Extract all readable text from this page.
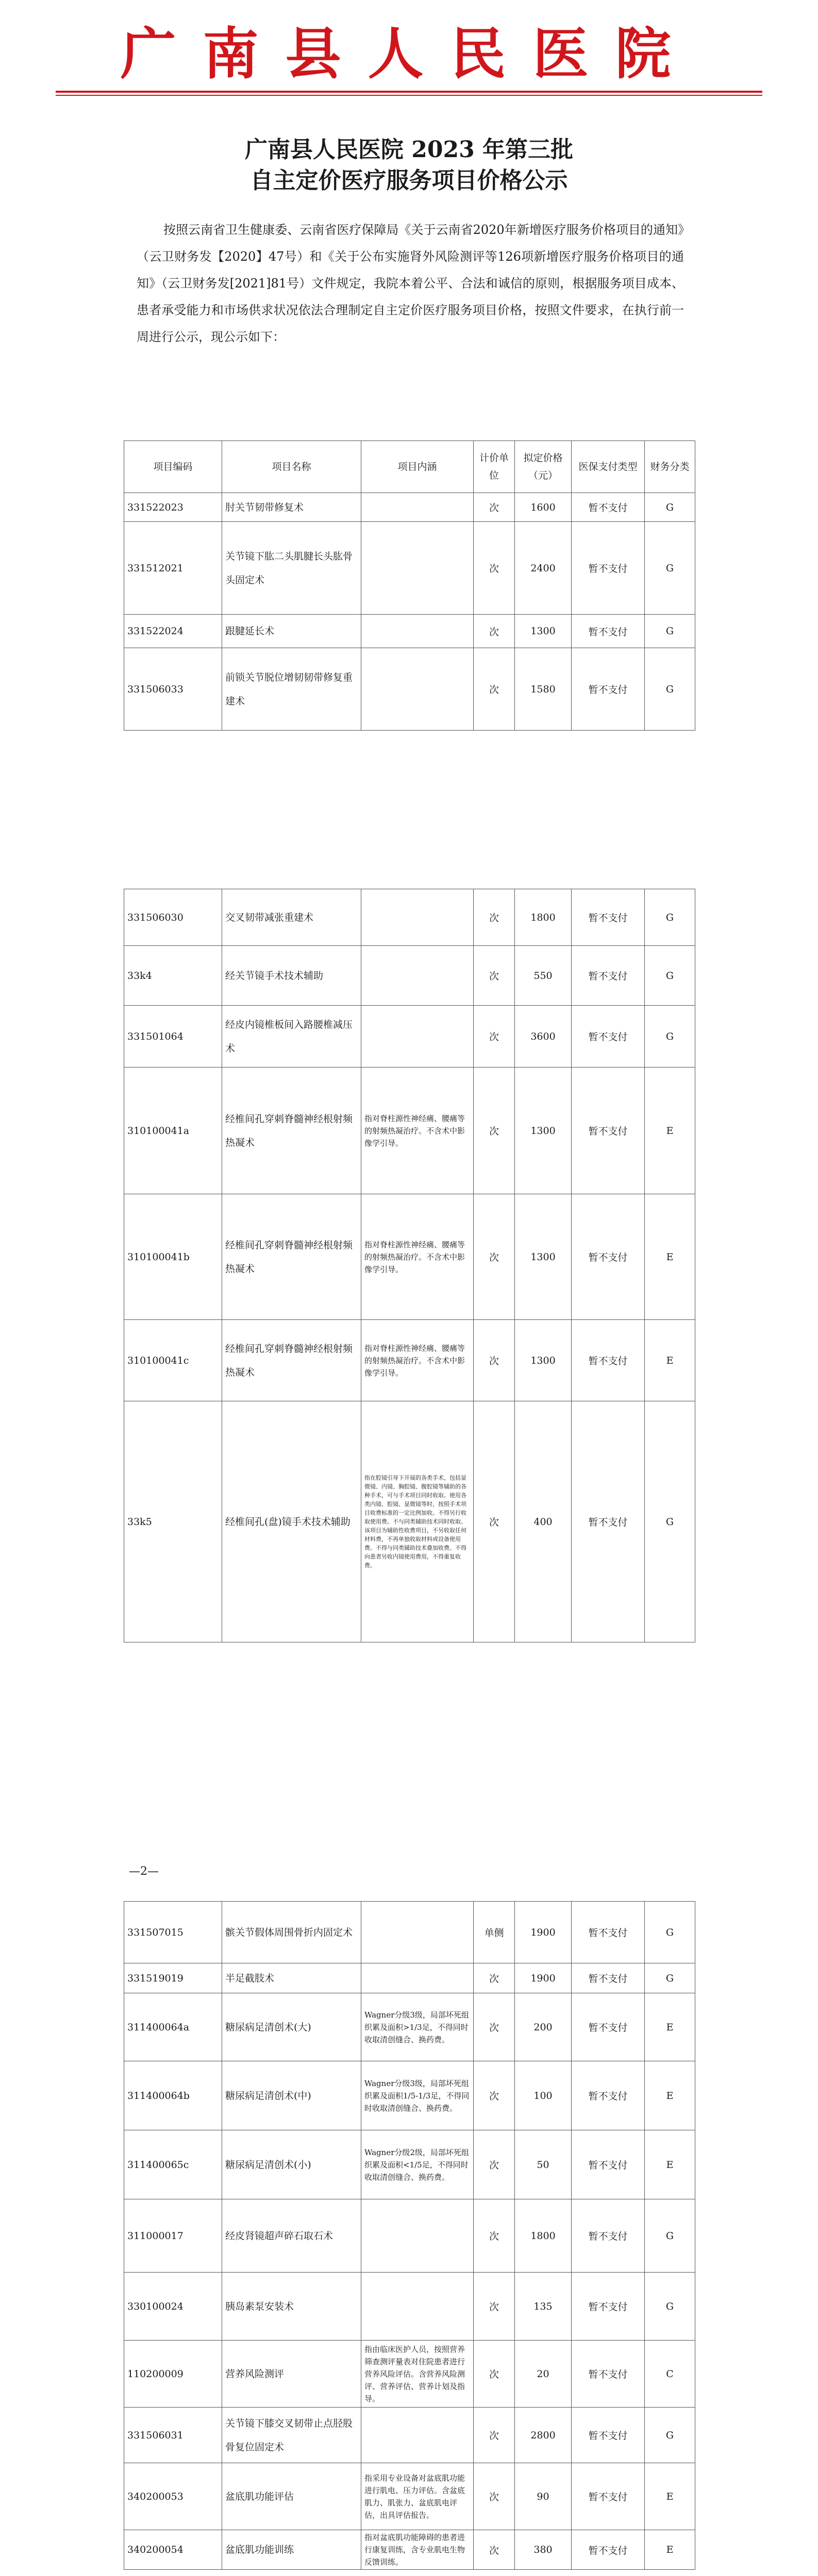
广南县人民医院
广南县人民医院 2023 年第三批
自主定价医疗服务项目价格公示
按照云南省卫生健康委、云南省医疗保障局《关于云南省2020年新增医疗服务价格项目的通知》（云卫财务发【2020】47号）和《关于公布实施肾外风险测评等126项新增医疗服务价格项目的通知》（云卫财务发[2021]81号）文件规定，我院本着公平、合法和诚信的原则，根据服务项目成本、患者承受能力和市场供求状况依法合理制定自主定价医疗服务项目价格，按照文件要求，在执行前一周进行公示，现公示如下：
项目编码	项目名称	项目内涵	计价单位	拟定价格（元）	医保支付类型	财务分类
331522023	肘关节韧带修复术		次	1600	暂不支付	G
331512021	关节镜下肱二头肌腱长头肱骨头固定术		次	2400	暂不支付	G
331522024	跟腱延长术		次	1300	暂不支付	G
331506033	前锁关节脱位增韧韧带修复重建术		次	1580	暂不支付	G
331506030	交叉韧带减张重建术		次	1800	暂不支付	G
33k4	经关节镜手术技术辅助		次	550	暂不支付	G
331501064	经皮内镜椎板间入路腰椎减压术		次	3600	暂不支付	G
310100041a	经椎间孔穿刺脊髓神经根射频热凝术	指对脊柱源性神经痛、腰痛等的射频热凝治疗。不含术中影像学引导。	次	1300	暂不支付	E
310100041b	经椎间孔穿刺脊髓神经根射频热凝术	指对脊柱源性神经痛、腰痛等的射频热凝治疗。不含术中影像学引导。	次	1300	暂不支付	E
310100041c	经椎间孔穿刺脊髓神经根射频热凝术	指对脊柱源性神经痛、腰痛等的射频热凝治疗。不含术中影像学引导。	次	1300	暂不支付	E
33k5	经椎间孔(盘)镜手术技术辅助	指在腔镜引导下开展的各类手术，包括显微镜、内镜、胸腔镜、腹腔镜等辅助的各种手术，可与手术项目同时收取。使用各类内镜、腔镜、显微镜等时，按照手术项目收费标准的一定比例加收。不得另行收取使用费。不与同类辅助技术同时收取。该项目为辅助性收费项目，不另收取任何材料费，不再单独收取材料或设备使用费。不得与同类辅助技术叠加收费。不得向患者另收内镜使用费用，不得重复收费。	次	400	暂不支付	G
—2—
331507015	髌关节假体周围骨折内固定术		单侧	1900	暂不支付	G
331519019	半足截肢术		次	1900	暂不支付	G
311400064a	糖尿病足清创术(大)	Wagner分级3级，局部坏死组织累及面积>1/3足，不得同时收取清创缝合、换药费。	次	200	暂不支付	E
311400064b	糖尿病足清创术(中)	Wagner分级3级，局部坏死组织累及面积1/5-1/3足，不得同时收取清创缝合、换药费。	次	100	暂不支付	E
311400065c	糖尿病足清创术(小)	Wagner分级2级，局部坏死组织累及面积<1/5足，不得同时收取清创缝合、换药费。	次	50	暂不支付	E
311000017	经皮肾镜超声碎石取石术		次	1800	暂不支付	G
330100024	胰岛素泵安装术		次	135	暂不支付	G
110200009	营养风险测评	指由临床医护人员，按照营养筛查测评量表对住院患者进行营养风险评估。含营养风险测评、营养评估、营养计划及指导。	次	20	暂不支付	C
331506031	关节镜下膝交叉韧带止点胫股骨复位固定术		次	2800	暂不支付	G
340200053	盆底肌功能评估	指采用专业设备对盆底肌功能进行肌电、压力评估。含盆底肌力、肌张力、盆底肌电评估，出具评估报告。	次	90	暂不支付	E
340200054	盆底肌功能训练	指对盆底肌功能障碍的患者进行康复训练，含专业肌电生物反馈训练。	次	380	暂不支付	E
